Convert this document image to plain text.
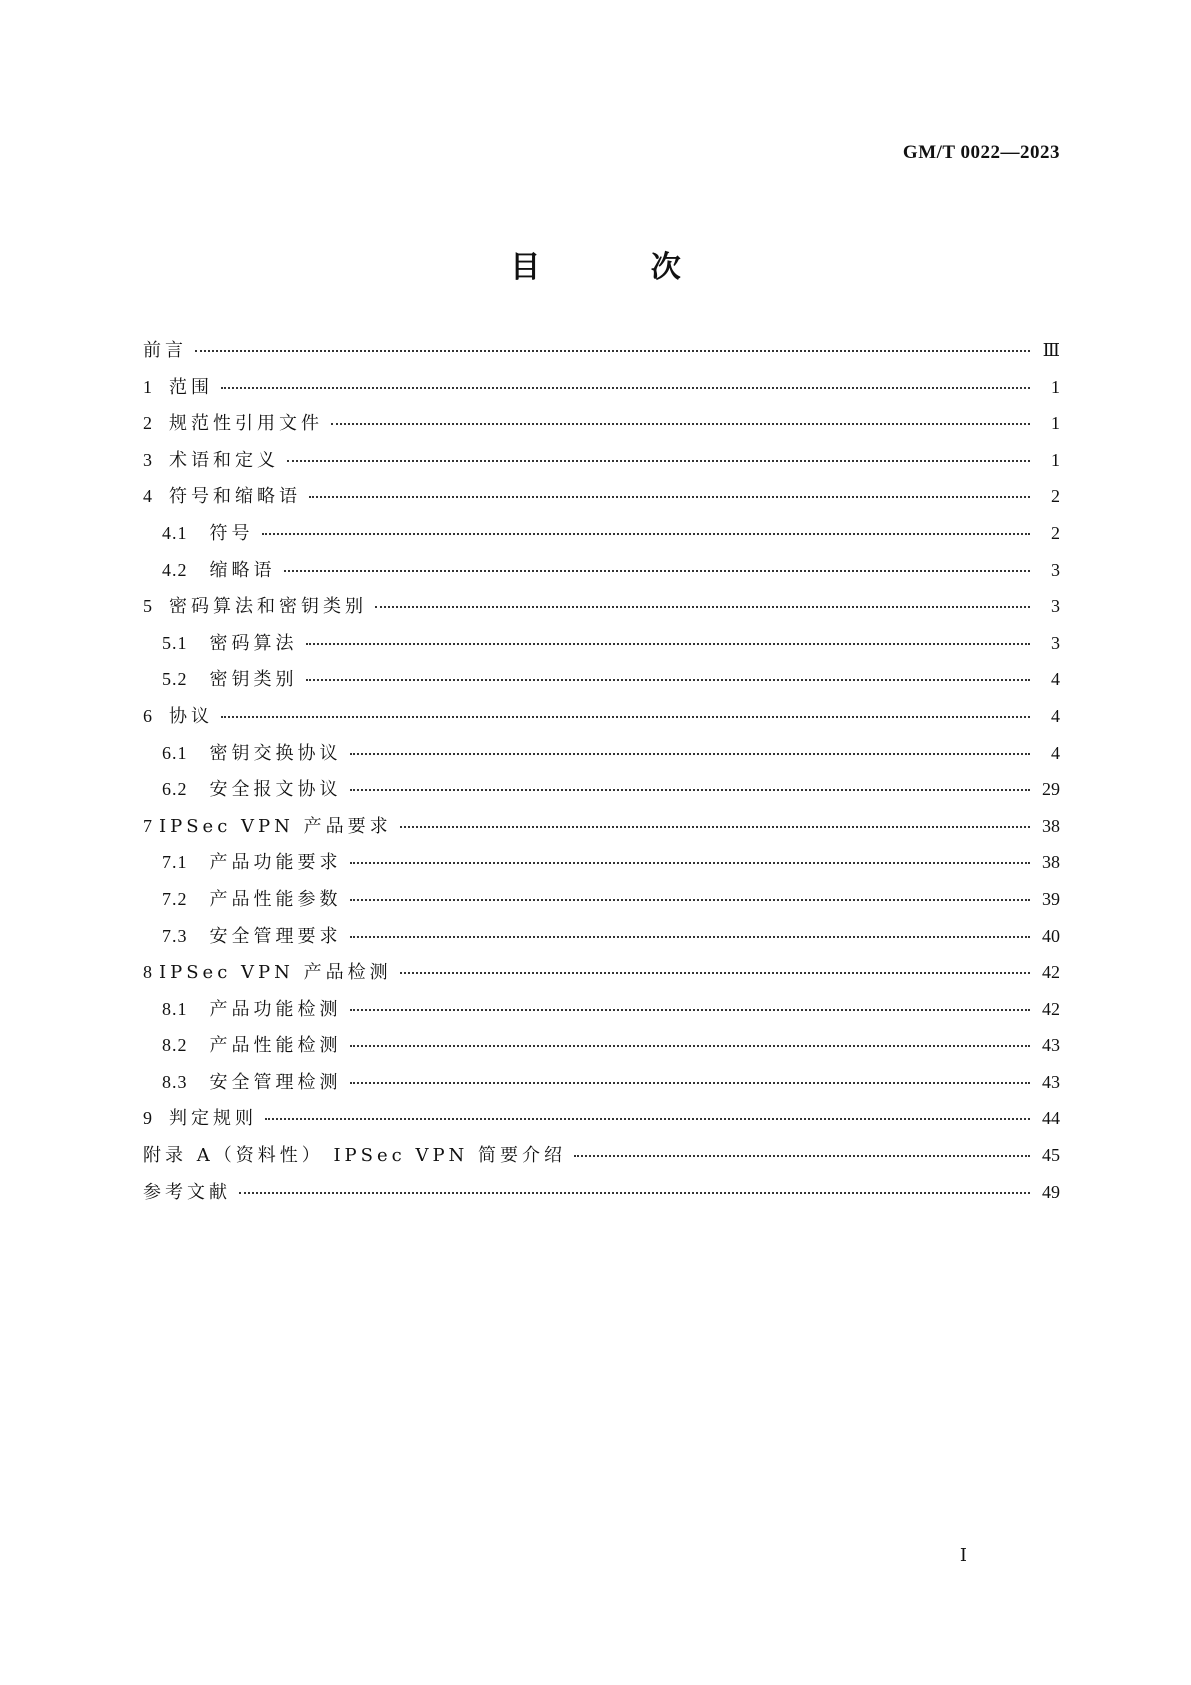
GM/T 0022—2023
目 次
前言	Ⅲ
1 范围	1
2 规范性引用文件	1
3 术语和定义	1
4 符号和缩略语	2
4.1 符号	2
4.2 缩略语	3
5 密码算法和密钥类别	3
5.1 密码算法	3
5.2 密钥类别	4
6 协议	4
6.1 密钥交换协议	4
6.2 安全报文协议	29
7 IPSec VPN 产品要求	38
7.1 产品功能要求	38
7.2 产品性能参数	39
7.3 安全管理要求	40
8 IPSec VPN 产品检测	42
8.1 产品功能检测	42
8.2 产品性能检测	43
8.3 安全管理检测	43
9 判定规则	44
附录 A（资料性） IPSec VPN 简要介绍	45
参考文献	49
Ⅰ
